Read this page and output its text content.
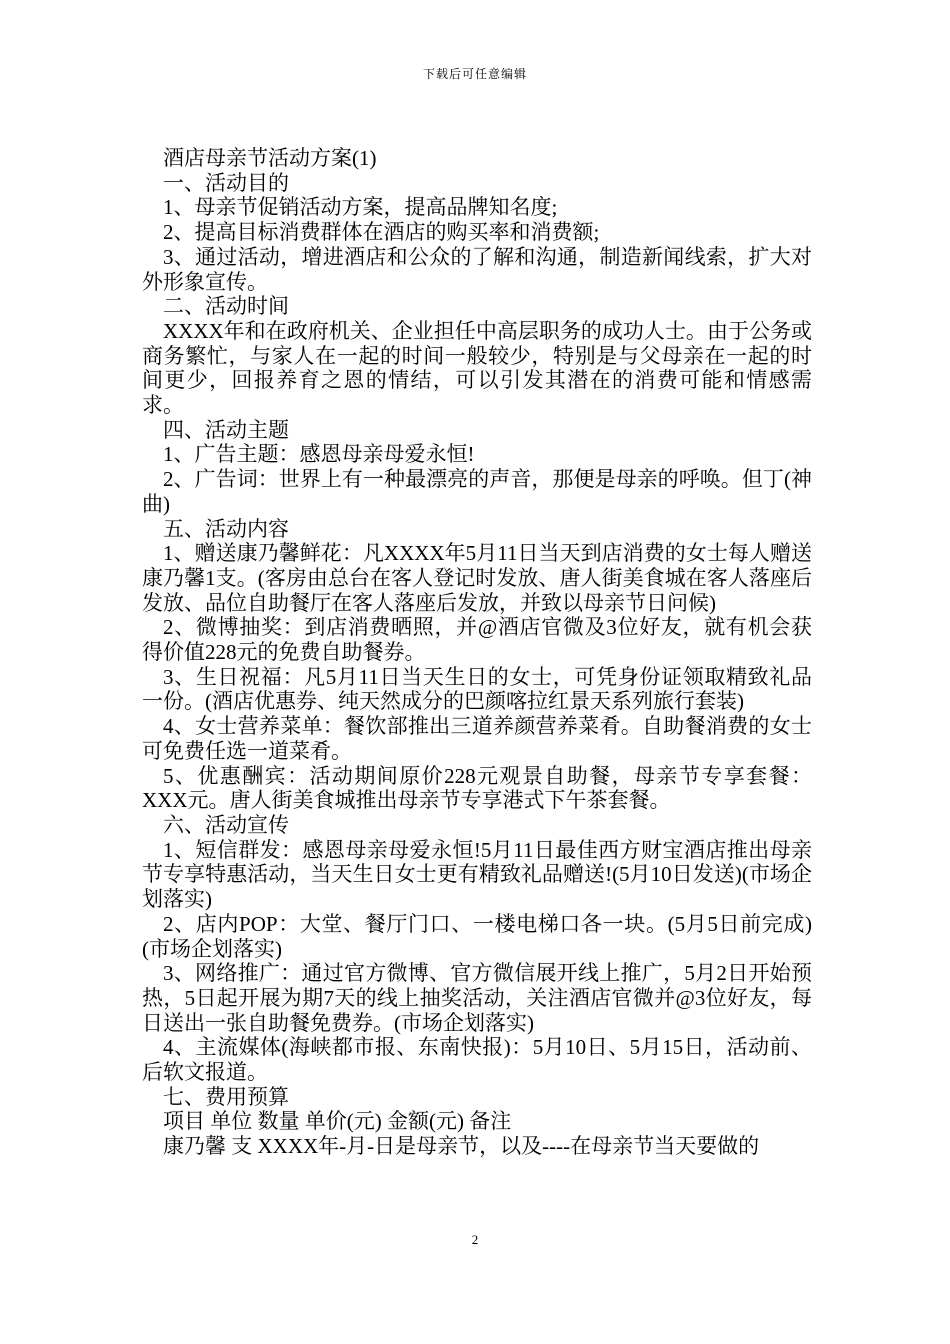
下载后可任意编辑

酒店母亲节活动方案(1)

一、活动目的

1、母亲节促销活动方案，提高品牌知名度;

2、提高目标消费群体在酒店的购买率和消费额;

3、通过活动，增进酒店和公众的了解和沟通，制造新闻线索，扩大对外形象宣传。

二、活动时间

XXXX年和在政府机关、企业担任中高层职务的成功人士。由于公务或商务繁忙，与家人在一起的时间一般较少，特别是与父母亲在一起的时间更少，回报养育之恩的情结，可以引发其潜在的消费可能和情感需求。

四、活动主题

1、广告主题：感恩母亲母爱永恒!

2、广告词：世界上有一种最漂亮的声音，那便是母亲的呼唤。但丁(神曲)

五、活动内容

1、赠送康乃馨鲜花：凡XXXX年5月11日当天到店消费的女士每人赠送康乃馨1支。(客房由总台在客人登记时发放、唐人街美食城在客人落座后发放、品位自助餐厅在客人落座后发放，并致以母亲节日问候)

2、微博抽奖：到店消费晒照，并@酒店官微及3位好友，就有机会获得价值228元的免费自助餐券。

3、生日祝福：凡5月11日当天生日的女士，可凭身份证领取精致礼品一份。(酒店优惠券、纯天然成分的巴颜喀拉红景天系列旅行套装)

4、女士营养菜单：餐饮部推出三道养颜营养菜肴。自助餐消费的女士可免费任选一道菜肴。

5、优惠酬宾：活动期间原价228元观景自助餐，母亲节专享套餐：XXX元。唐人街美食城推出母亲节专享港式下午茶套餐。

六、活动宣传

1、短信群发：感恩母亲母爱永恒!5月11日最佳西方财宝酒店推出母亲节专享特惠活动，当天生日女士更有精致礼品赠送!(5月10日发送)(市场企划落实)

2、店内POP：大堂、餐厅门口、一楼电梯口各一块。(5月5日前完成)(市场企划落实)

3、网络推广：通过官方微博、官方微信展开线上推广，5月2日开始预热，5日起开展为期7天的线上抽奖活动，关注酒店官微并@3位好友，每日送出一张自助餐免费券。(市场企划落实)

4、主流媒体(海峡都市报、东南快报)：5月10日、5月15日，活动前、后软文报道。

七、费用预算

项目 单位 数量 单价(元) 金额(元) 备注

康乃馨 支 XXXX年-月-日是母亲节，以及----在母亲节当天要做的

2
